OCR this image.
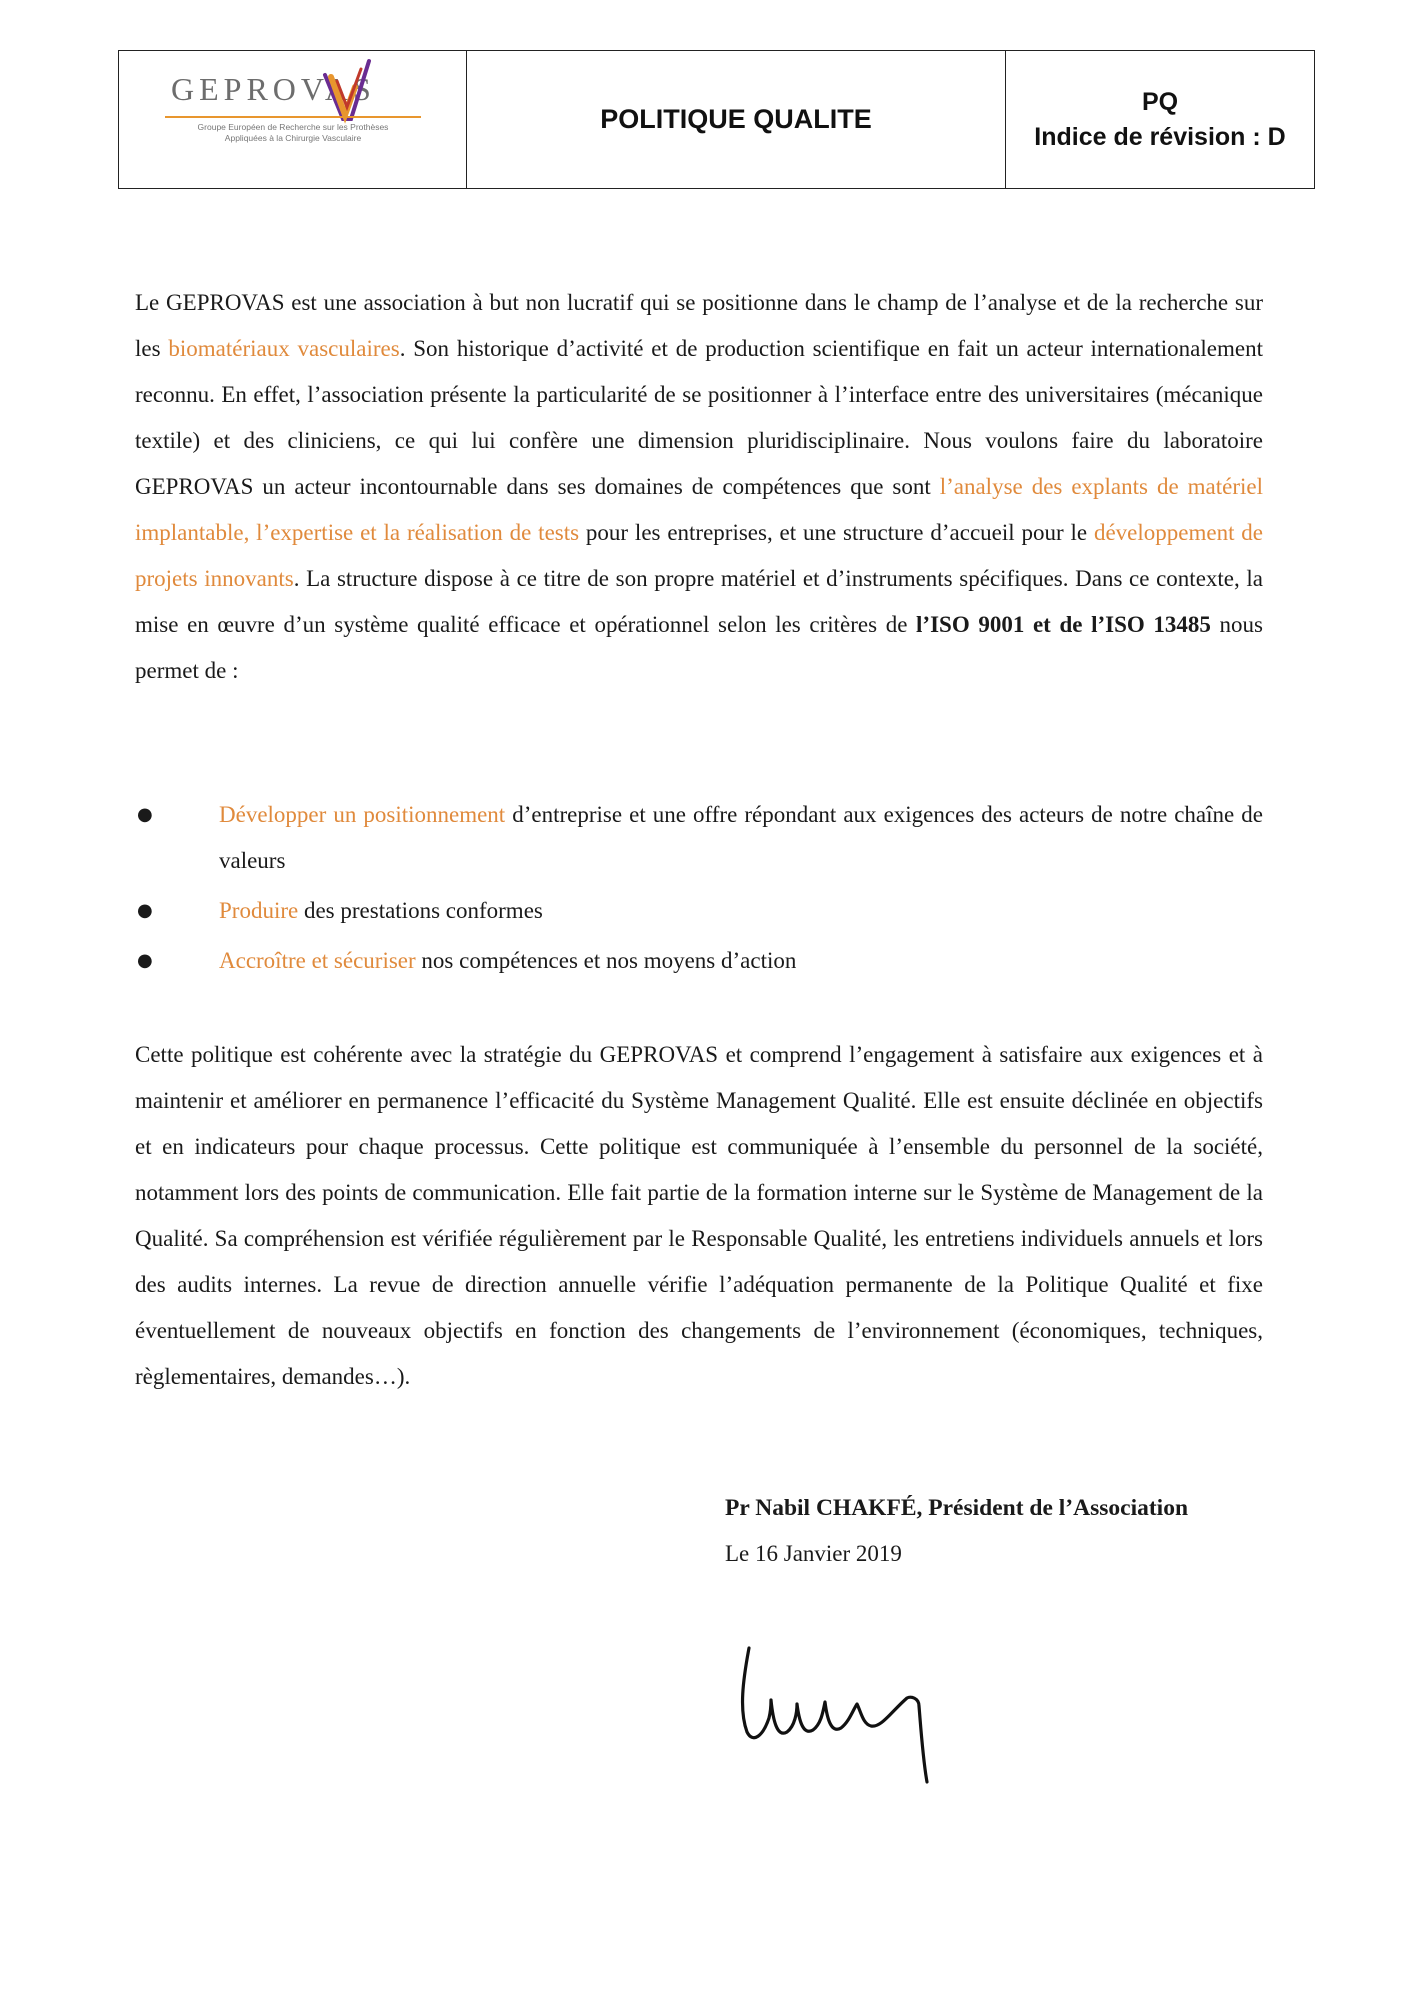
GEPROVAS
Groupe Européen de Recherche sur les Prothèses
Appliquées à la Chirurgie Vasculaire
POLITIQUE QUALITE
PQ
Indice de révision : D

Le GEPROVAS est une association à but non lucratif qui se positionne dans le champ de l’analyse et de la recherche sur les biomatériaux vasculaires. Son historique d’activité et de production scientifique en fait un acteur internationalement reconnu. En effet, l’association présente la particularité de se positionner à l’interface entre des universitaires (mécanique textile) et des cliniciens, ce qui lui confère une dimension pluridisciplinaire. Nous voulons faire du laboratoire GEPROVAS un acteur incontournable dans ses domaines de compétences que sont l’analyse des explants de matériel implantable, l’expertise et la réalisation de tests pour les entreprises, et une structure d’accueil pour le développement de projets innovants. La structure dispose à ce titre de son propre matériel et d’instruments spécifiques. Dans ce contexte, la mise en œuvre d’un système qualité efficace et opérationnel selon les critères de l’ISO 9001 et de l’ISO 13485 nous permet de :

●	Développer un positionnement d’entreprise et une offre répondant aux exigences des acteurs de notre chaîne de valeurs
●	Produire des prestations conformes
●	Accroître et sécuriser nos compétences et nos moyens d’action

Cette politique est cohérente avec la stratégie du GEPROVAS et comprend l’engagement à satisfaire aux exigences et à maintenir et améliorer en permanence l’efficacité du Système Management Qualité. Elle est ensuite déclinée en objectifs et en indicateurs pour chaque processus. Cette politique est communiquée à l’ensemble du personnel de la société, notamment lors des points de communication. Elle fait partie de la formation interne sur le Système de Management de la Qualité. Sa compréhension est vérifiée régulièrement par le Responsable Qualité, les entretiens individuels annuels et lors des audits internes. La revue de direction annuelle vérifie l’adéquation permanente de la Politique Qualité et fixe éventuellement de nouveaux objectifs en fonction des changements de l’environnement (économiques, techniques, règlementaires, demandes…).

Pr Nabil CHAKFÉ, Président de l’Association
Le 16 Janvier 2019
